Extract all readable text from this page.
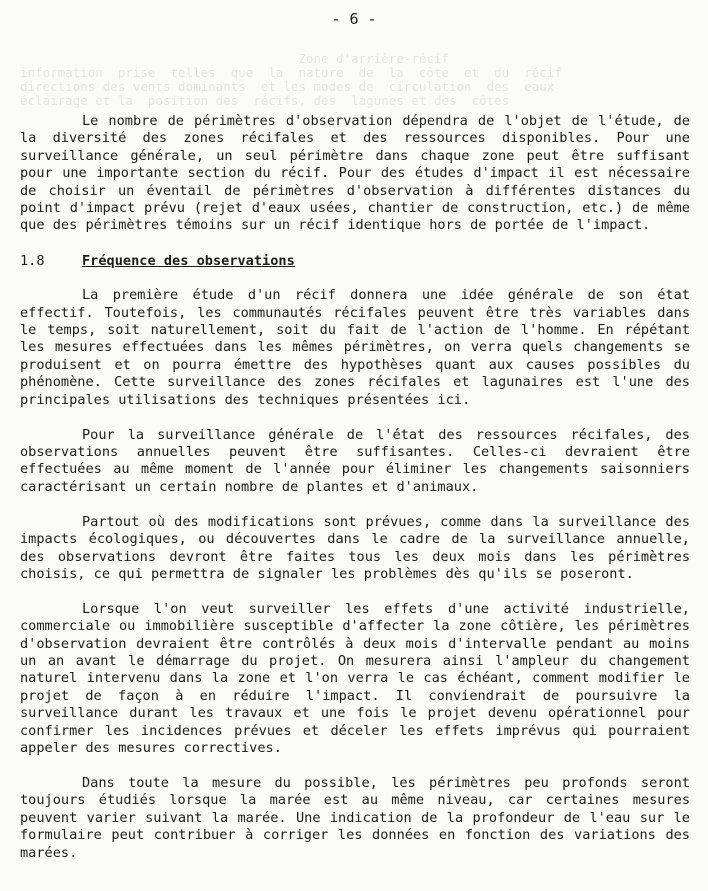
- 6 -

Zone d'arrière-récif
information  prise  telles  que  la  nature  de  la  côte  et  du  récif
directions des vents dominants  et les modes de  circulation  des  eaux
éclairage et la  position des  récifs, des  lagunes et des  côtes

Le nombre de périmètres d'observation dépendra de l'objet de l'étude, de la diversité des zones récifales et des ressources disponibles. Pour une surveillance générale, un seul périmètre dans chaque zone peut être suffisant pour une importante section du récif. Pour des études d'impact il est nécessaire de choisir un éventail de périmètres d'observation à différentes distances du point d'impact prévu (rejet d'eaux usées, chantier de construction, etc.) de même que des périmètres témoins sur un récif identique hors de portée de l'impact.

1.8	Fréquence des observations

La première étude d'un récif donnera une idée générale de son état effectif. Toutefois, les communautés récifales peuvent être très variables dans le temps, soit naturellement, soit du fait de l'action de l'homme. En répétant les mesures effectuées dans les mêmes périmètres, on verra quels changements se produisent et on pourra émettre des hypothèses quant aux causes possibles du phénomène. Cette surveillance des zones récifales et lagunaires est l'une des principales utilisations des techniques présentées ici.

Pour la surveillance générale de l'état des ressources récifales, des observations annuelles peuvent être suffisantes. Celles-ci devraient être effectuées au même moment de l'année pour éliminer les changements saisonniers caractérisant un certain nombre de plantes et d'animaux.

Partout où des modifications sont prévues, comme dans la surveillance des impacts écologiques, ou découvertes dans le cadre de la surveillance annuelle, des observations devront être faites tous les deux mois dans les périmètres choisis, ce qui permettra de signaler les problèmes dès qu'ils se poseront.

Lorsque l'on veut surveiller les effets d'une activité industrielle, commerciale ou immobilière susceptible d'affecter la zone côtière, les périmètres d'observation devraient être contrôlés à deux mois d'intervalle pendant au moins un an avant le démarrage du projet. On mesurera ainsi l'ampleur du changement naturel intervenu dans la zone et l'on verra le cas échéant, comment modifier le projet de façon à en réduire l'impact. Il conviendrait de poursuivre la surveillance durant les travaux et une fois le projet devenu opérationnel pour confirmer les incidences prévues et déceler les effets imprévus qui pourraient appeler des mesures correctives.

Dans toute la mesure du possible, les périmètres peu profonds seront toujours étudiés lorsque la marée est au même niveau, car certaines mesures peuvent varier suivant la marée. Une indication de la profondeur de l'eau sur le formulaire peut contribuer à corriger les données en fonction des variations des marées.
